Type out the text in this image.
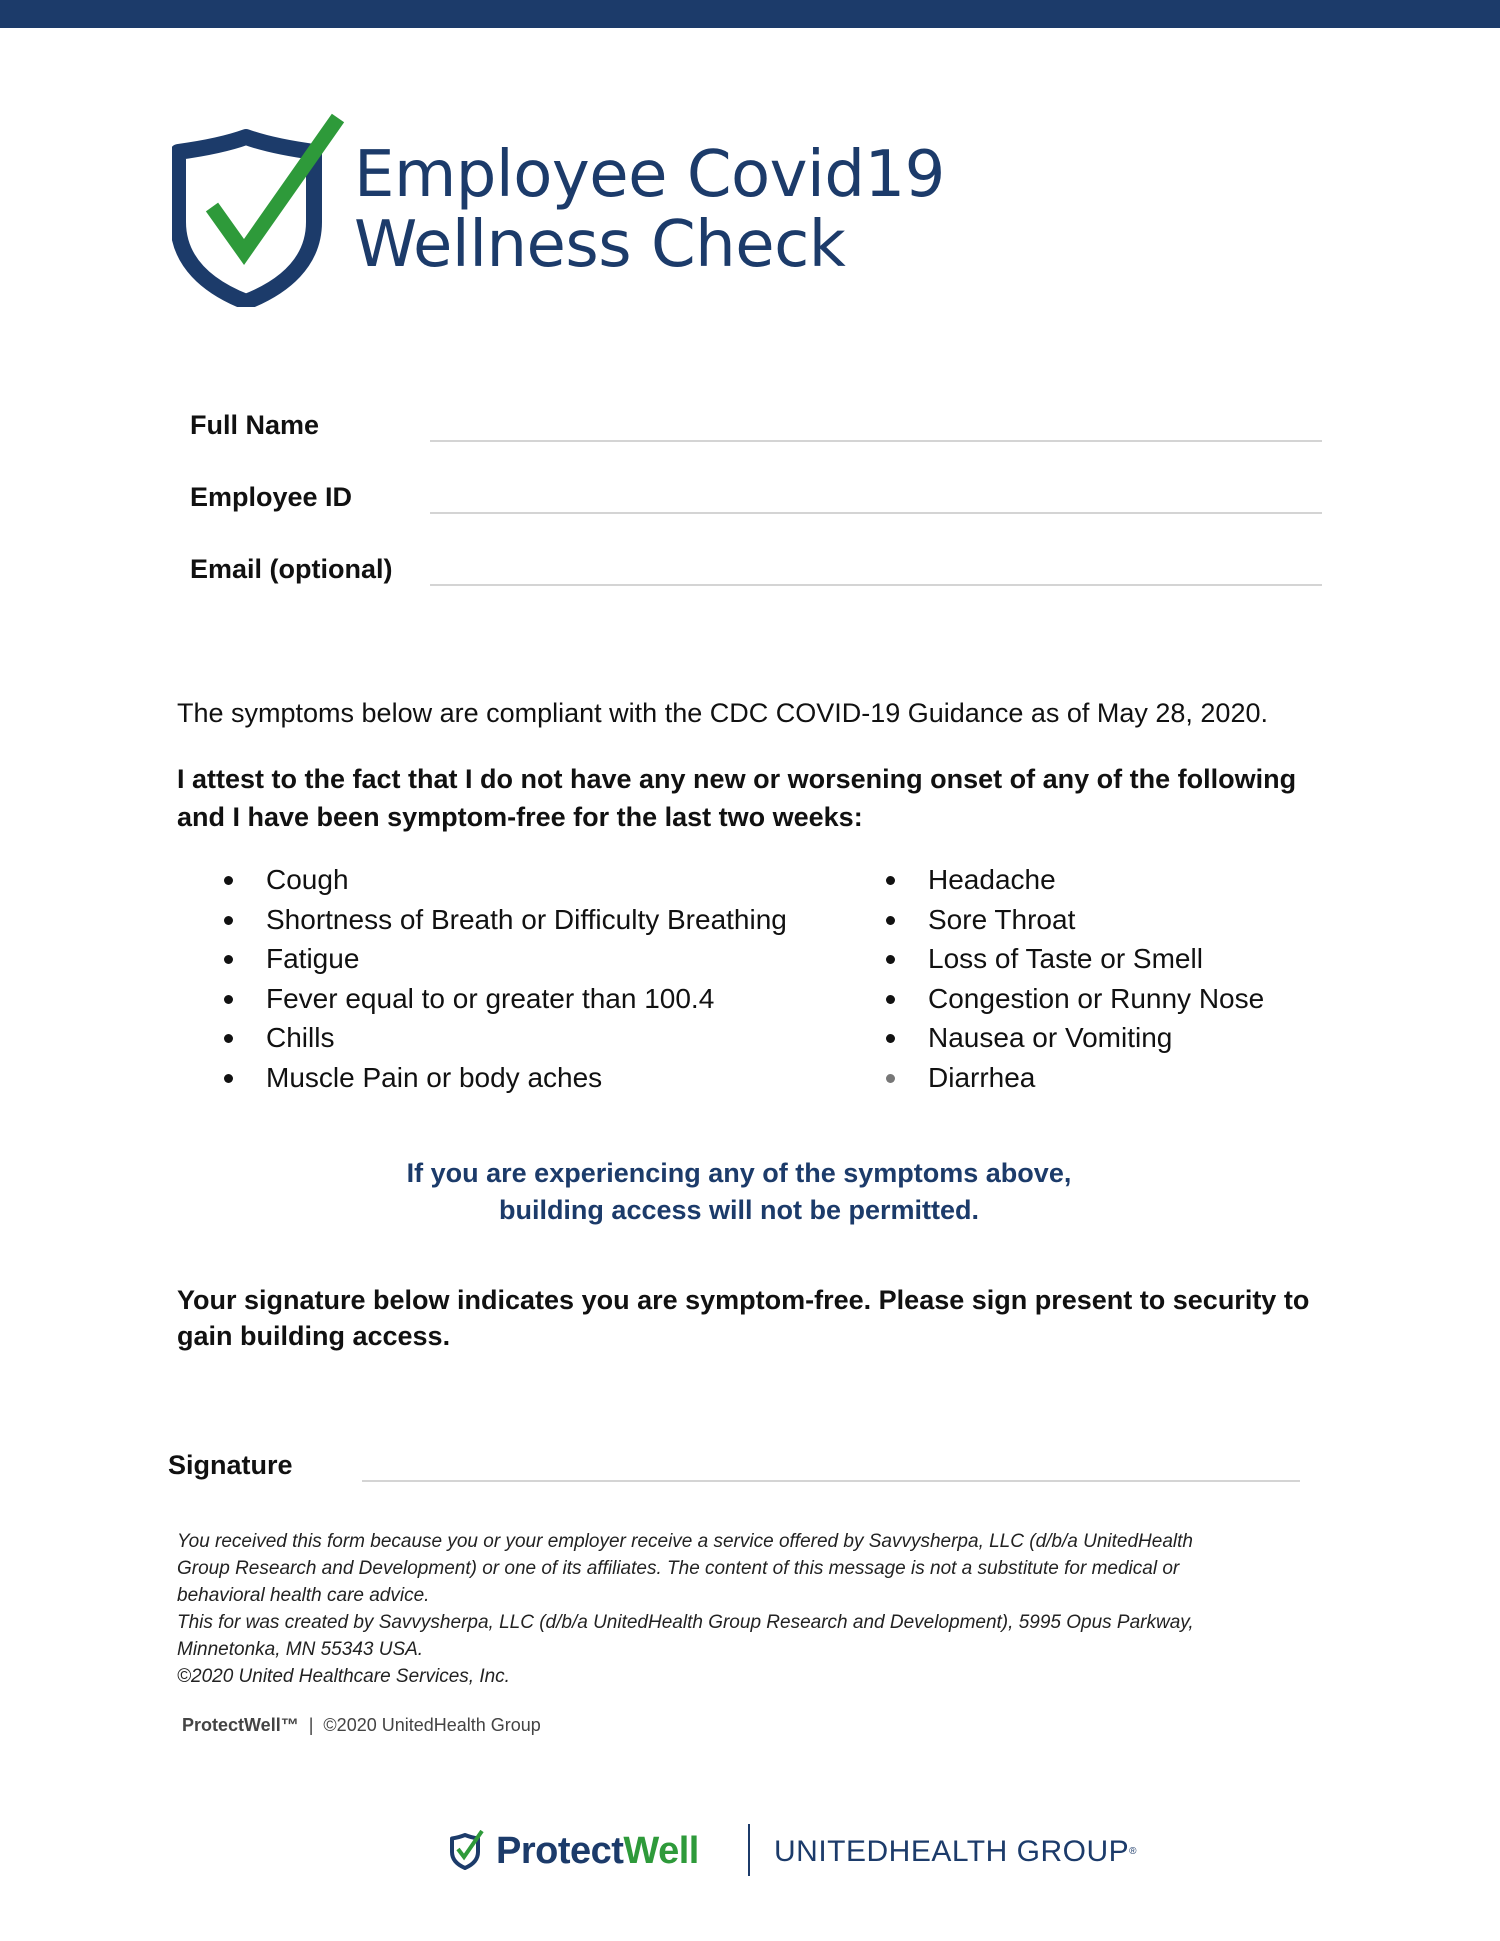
Employee Covid19
Wellness Check
Full Name
Employee ID
Email (optional)
The symptoms below are compliant with the CDC COVID-19 Guidance as of May 28, 2020.
I attest to the fact that I do not have any new or worsening onset of any of the following and I have been symptom-free for the last two weeks:
Cough
Shortness of Breath or Difficulty Breathing
Fatigue
Fever equal to or greater than 100.4
Chills
Muscle Pain or body aches
Headache
Sore Throat
Loss of Taste or Smell
Congestion or Runny Nose
Nausea or Vomiting
Diarrhea
If you are experiencing any of the symptoms above,
building access will not be permitted.
Your signature below indicates you are symptom-free. Please sign present to security to gain building access.
Signature
You received this form because you or your employer receive a service offered by Savvysherpa, LLC (d/b/a UnitedHealth
Group Research and Development) or one of its affiliates. The content of this message is not a substitute for medical or
behavioral health care advice.
This for was created by Savvysherpa, LLC (d/b/a UnitedHealth Group Research and Development), 5995 Opus Parkway,
Minnetonka, MN 55343 USA.
©2020 United Healthcare Services, Inc.
ProtectWell™ | ©2020 UnitedHealth Group
ProtectWell	UNITEDHEALTH GROUP®
